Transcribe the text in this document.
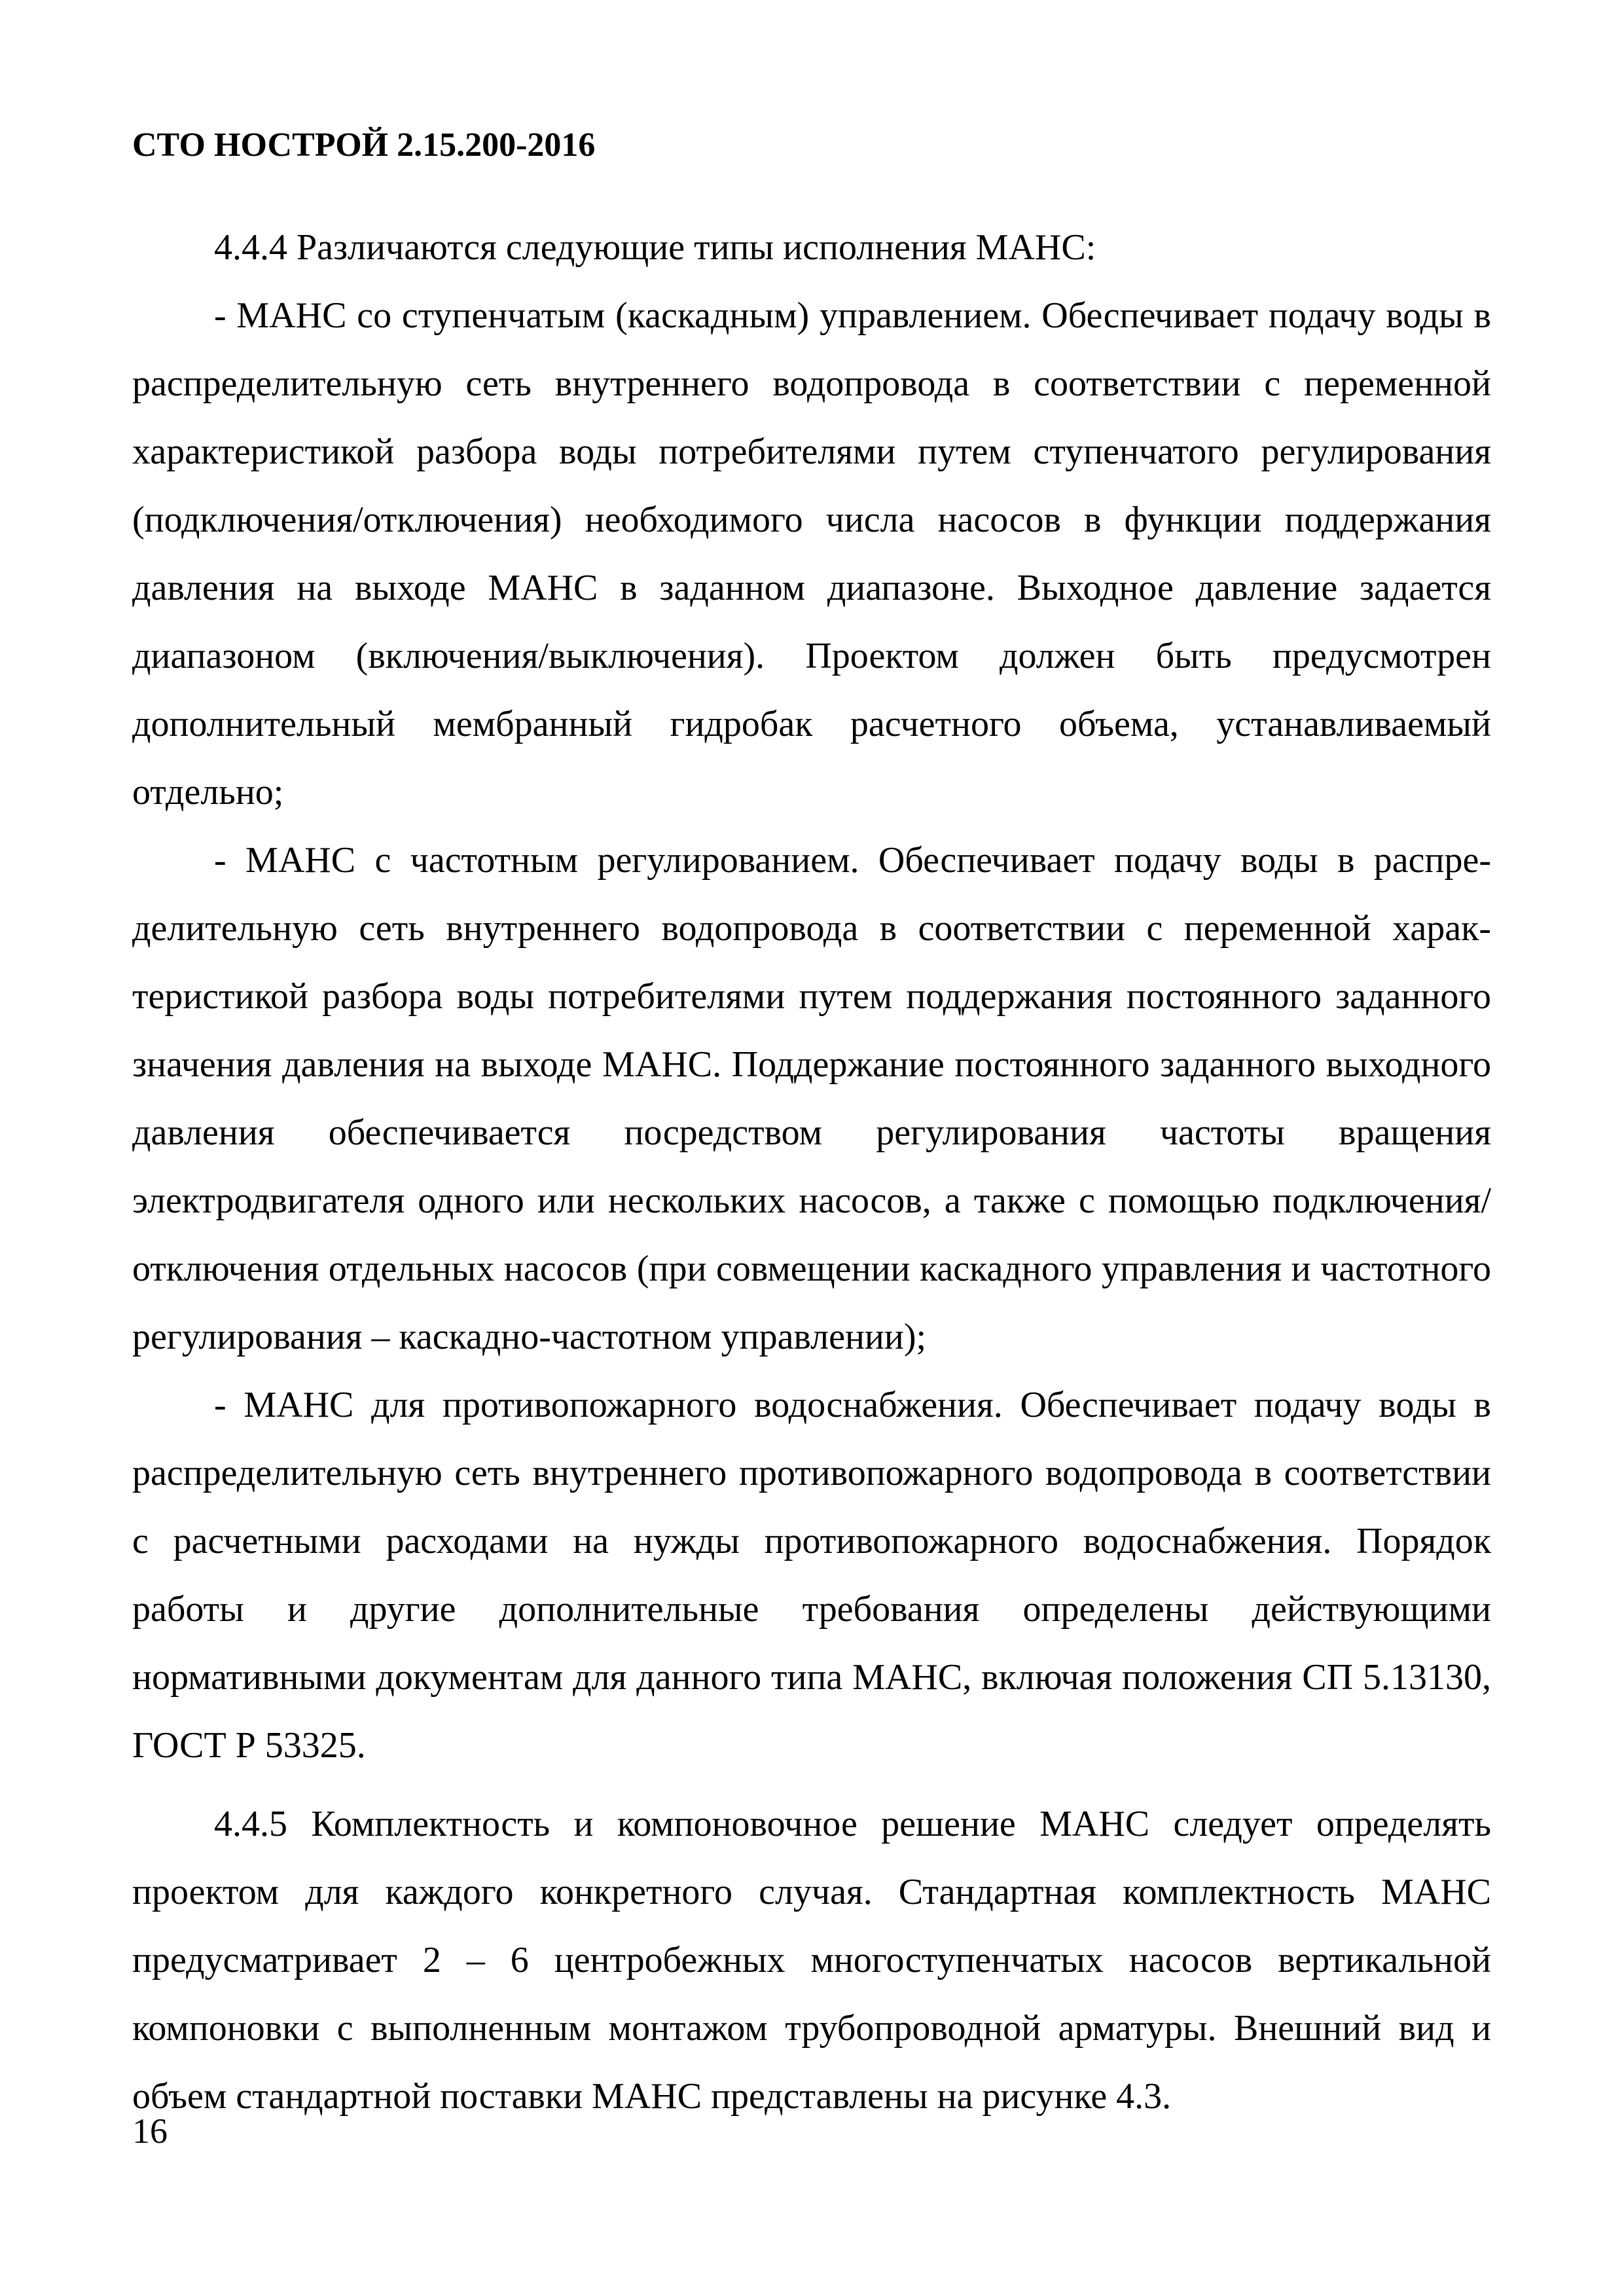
СТО НОСТРОЙ 2.15.200-2016

4.4.4 Различаются следующие типы исполнения МАНС:

- МАНС со ступенчатым (каскадным) управлением. Обеспечивает подачу воды в распределительную сеть внутреннего водопровода в соответствии с переменной характеристикой разбора воды потребителями путем ступенчатого регулирования (подключения/отключения) необходимого числа насосов в функции поддержания давления на выходе МАНС в заданном диапазоне. Выходное давление задается диапазоном (включения/выключения). Проектом должен быть предусмотрен дополнительный мембранный гидробак расчетного объема, устанавливаемый отдельно;

- МАНС с частотным регулированием. Обеспечивает подачу воды в распределительную сеть внутреннего водопровода в соответствии с переменной характеристикой разбора воды потребителями путем поддержания постоянного заданного значения давления на выходе МАНС. Поддержание постоянного заданного выходного давления обеспечивается посредством регулирования частоты вращения электродвигателя одного или нескольких насосов, а также с помощью подключения/отключения отдельных насосов (при совмещении каскадного управления и частотного регулирования – каскадно-частотном управлении);

- МАНС для противопожарного водоснабжения. Обеспечивает подачу воды в распределительную сеть внутреннего противопожарного водопровода в соответствии с расчетными расходами на нужды противопожарного водоснабжения. Порядок работы и другие дополнительные требования определены действующими нормативными документам для данного типа МАНС, включая положения СП 5.13130, ГОСТ Р 53325.

4.4.5 Комплектность и компоновочное решение МАНС следует определять проектом для каждого конкретного случая. Стандартная комплектность МАНС предусматривает 2 – 6 центробежных многоступенчатых насосов вертикальной компоновки с выполненным монтажом трубопроводной арматуры. Внешний вид и объем стандартной поставки МАНС представлены на рисунке 4.3.

16
